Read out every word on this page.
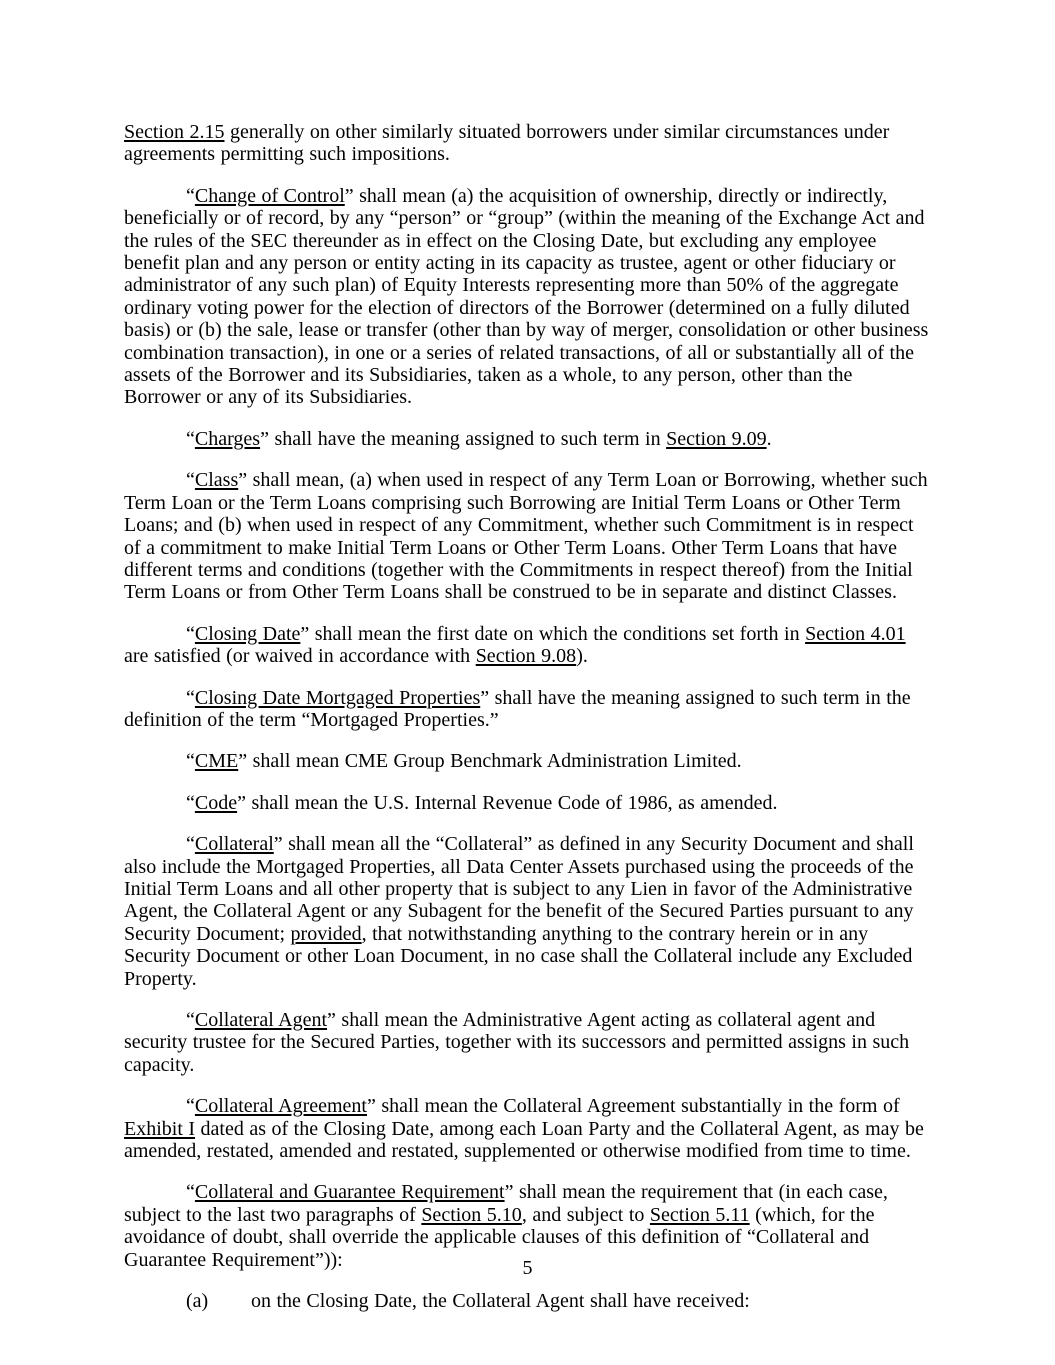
Section 2.15 generally on other similarly situated borrowers under similar circumstances under agreements permitting such impositions.

“Change of Control” shall mean (a) the acquisition of ownership, directly or indirectly, beneficially or of record, by any “person” or “group” (within the meaning of the Exchange Act and the rules of the SEC thereunder as in effect on the Closing Date, but excluding any employee benefit plan and any person or entity acting in its capacity as trustee, agent or other fiduciary or administrator of any such plan) of Equity Interests representing more than 50% of the aggregate ordinary voting power for the election of directors of the Borrower (determined on a fully diluted basis) or (b) the sale, lease or transfer (other than by way of merger, consolidation or other business combination transaction), in one or a series of related transactions, of all or substantially all of the assets of the Borrower and its Subsidiaries, taken as a whole, to any person, other than the Borrower or any of its Subsidiaries.

“Charges” shall have the meaning assigned to such term in Section 9.09.

“Class” shall mean, (a) when used in respect of any Term Loan or Borrowing, whether such Term Loan or the Term Loans comprising such Borrowing are Initial Term Loans or Other Term Loans; and (b) when used in respect of any Commitment, whether such Commitment is in respect of a commitment to make Initial Term Loans or Other Term Loans. Other Term Loans that have different terms and conditions (together with the Commitments in respect thereof) from the Initial Term Loans or from Other Term Loans shall be construed to be in separate and distinct Classes.

“Closing Date” shall mean the first date on which the conditions set forth in Section 4.01 are satisfied (or waived in accordance with Section 9.08).

“Closing Date Mortgaged Properties” shall have the meaning assigned to such term in the definition of the term “Mortgaged Properties.”

“CME” shall mean CME Group Benchmark Administration Limited.

“Code” shall mean the U.S. Internal Revenue Code of 1986, as amended.

“Collateral” shall mean all the “Collateral” as defined in any Security Document and shall also include the Mortgaged Properties, all Data Center Assets purchased using the proceeds of the Initial Term Loans and all other property that is subject to any Lien in favor of the Administrative Agent, the Collateral Agent or any Subagent for the benefit of the Secured Parties pursuant to any Security Document; provided, that notwithstanding anything to the contrary herein or in any Security Document or other Loan Document, in no case shall the Collateral include any Excluded Property.

“Collateral Agent” shall mean the Administrative Agent acting as collateral agent and security trustee for the Secured Parties, together with its successors and permitted assigns in such capacity.

“Collateral Agreement” shall mean the Collateral Agreement substantially in the form of Exhibit I dated as of the Closing Date, among each Loan Party and the Collateral Agent, as may be amended, restated, amended and restated, supplemented or otherwise modified from time to time.

“Collateral and Guarantee Requirement” shall mean the requirement that (in each case, subject to the last two paragraphs of Section 5.10, and subject to Section 5.11 (which, for the avoidance of doubt, shall override the applicable clauses of this definition of “Collateral and Guarantee Requirement”)):

(a) on the Closing Date, the Collateral Agent shall have received:

5
